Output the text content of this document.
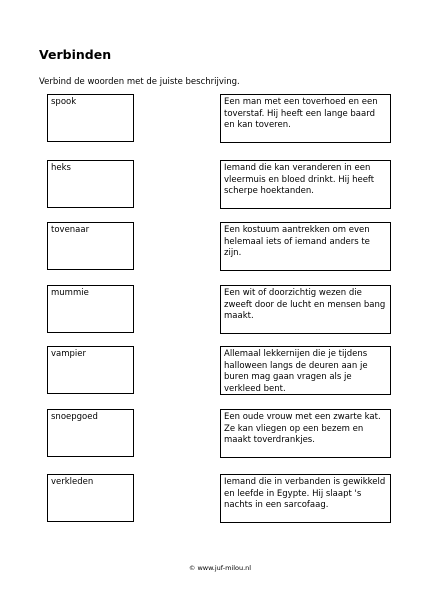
Verbinden
Verbind de woorden met de juiste beschrijving.
spook	Een man met een toverhoed en een toverstaf. Hij heeft een lange baard en kan toveren.
heks	Iemand die kan veranderen in een vleermuis en bloed drinkt. Hij heeft scherpe hoektanden.
tovenaar	Een kostuum aantrekken om even helemaal iets of iemand anders te zijn.
mummie	Een wit of doorzichtig wezen die zweeft door de lucht en mensen bang maakt.
vampier	Allemaal lekkernijen die je tijdens halloween langs de deuren aan je buren mag gaan vragen als je verkleed bent.
snoepgoed	Een oude vrouw met een zwarte kat. Ze kan vliegen op een bezem en maakt toverdrankjes.
verkleden	Iemand die in verbanden is gewikkeld en leefde in Egypte. Hij slaapt 's nachts in een sarcofaag.
© www.juf-milou.nl
